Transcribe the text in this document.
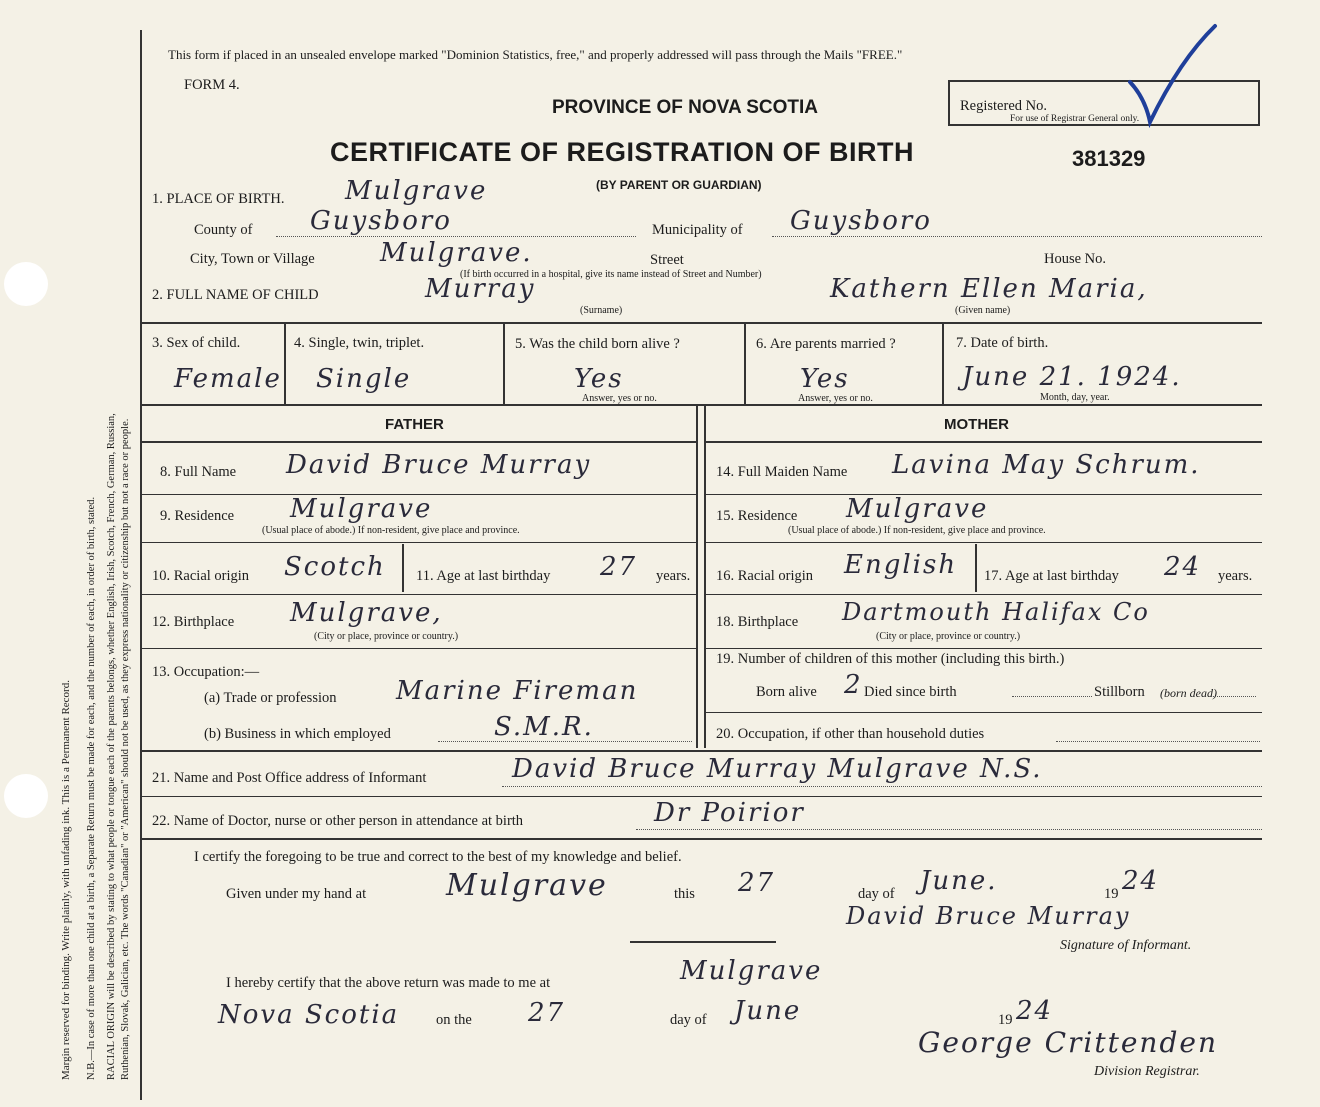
Margin reserved for binding. Write plainly, with unfading ink. This is a Permanent Record. N.B.—In case of more than one child at a birth, a Separate Return must be made for each, and the number of each, in order of birth, stated. RACIAL ORIGIN will be described by stating to what people or tongue each of the parents belongs, whether English, Irish, Scotch, French, German, Russian, Ruthenian, Slovak, Galician, etc. The words "Canadian" or "American" should not be used, as they express nationality or citizenship but not a race or people.
This form if placed in an unsealed envelope marked "Dominion Statistics, free," and properly addressed will pass through the Mails "FREE."
FORM 4.
PROVINCE OF NOVA SCOTIA
CERTIFICATE OF REGISTRATION OF BIRTH
(BY PARENT OR GUARDIAN)
Registered No.
For use of Registrar General only.
381329
1. PLACE OF BIRTH. Mulgrave
County of Guysboro	Municipality of Guysboro
City, Town or Village	Mulgrave.	Street	House No.
(If birth occurred in a hospital, give its name instead of Street and Number)
2. FULL NAME OF CHILD	Murray	Kathern Ellen Maria,
(Surname)	(Given name)
3. Sex of child.
Female
4. Single, twin, triplet.
Single
5. Was the child born alive ?
Yes
Answer, yes or no.
6. Are parents married ?
Yes
Answer, yes or no.
7. Date of birth.
June 21. 1924.
Month, day, year.
FATHER	MOTHER
8. Full Name David Bruce Murray
9. Residence Mulgrave
(Usual place of abode.) If non-resident, give place and province.
10. Racial origin Scotch 11. Age at last birthday 27 years.
12. Birthplace Mulgrave,
(City or place, province or country.)
13. Occupation:—
(a) Trade or profession Marine Fireman
(b) Business in which employed	S.M.R.
14. Full Maiden Name Lavina May Schrum.
15. Residence Mulgrave
(Usual place of abode.) If non-resident, give place and province.
16. Racial origin English 17. Age at last birthday 24 years.
18. Birthplace Dartmouth Halifax Co
(City or place, province or country.)
19. Number of children of this mother (including this birth.)
Born alive 2 Died since birth	Stillborn (born dead)
20. Occupation, if other than household duties
21. Name and Post Office address of Informant	David Bruce Murray Mulgrave N.S.
22. Name of Doctor, nurse or other person in attendance at birth	Dr Poirior
I certify the foregoing to be true and correct to the best of my knowledge and belief.
Given under my hand at	Mulgrave	this 27	day of June.	19 24
David Bruce Murray
Signature of Informant.
I hereby certify that the above return was made to me at	Mulgrave
Nova Scotia	on the 27	day of June	19 24
George Crittenden
Division Registrar.
